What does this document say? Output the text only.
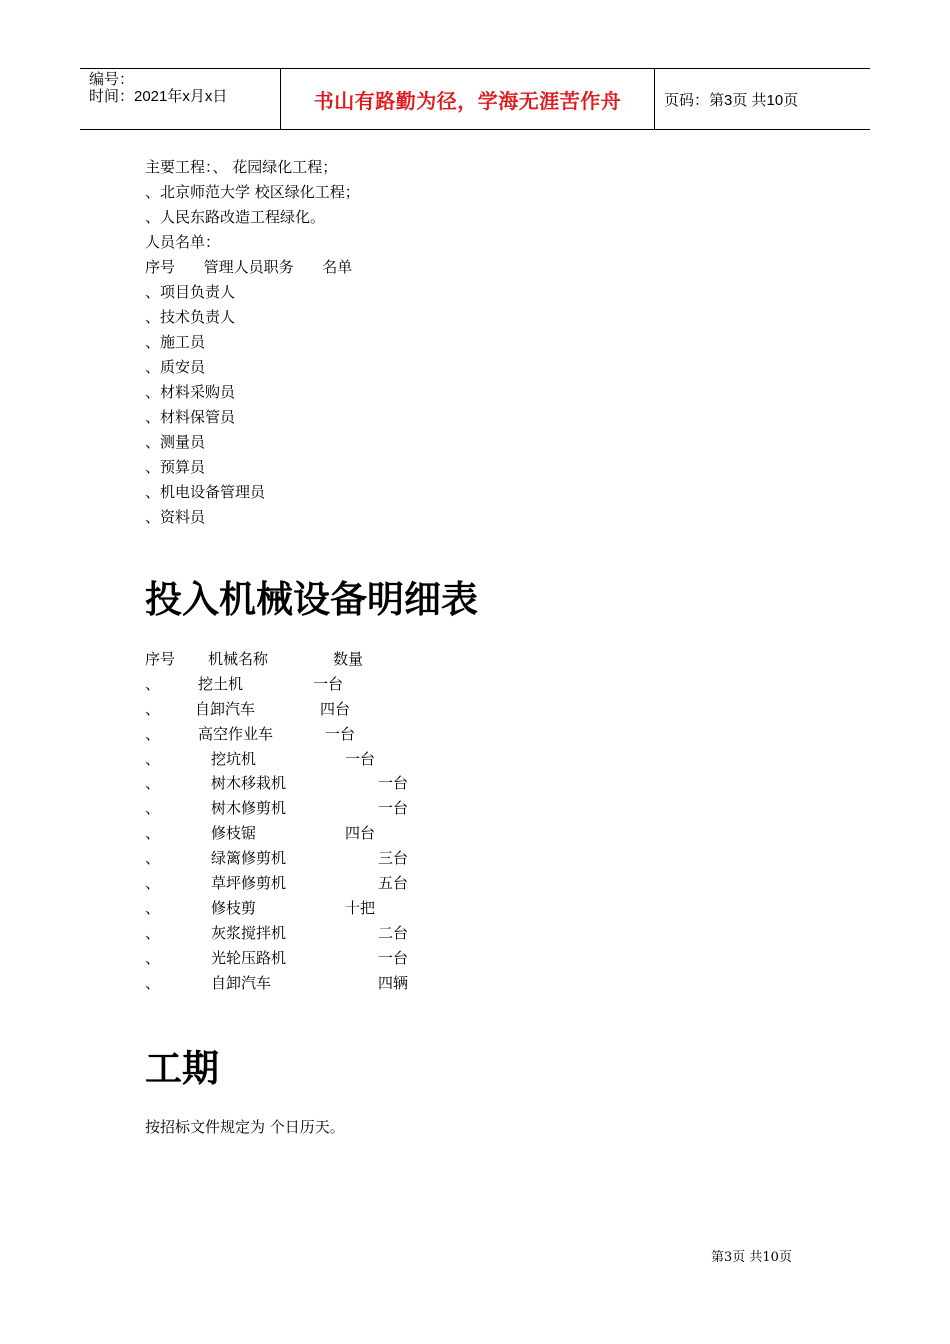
编号：
时间：2021年x月x日	书山有路勤为径，学海无涯苦作舟	页码：第3页 共10页
主要工程：、 花园绿化工程；
、北京师范大学 校区绿化工程；
、人民东路改造工程绿化。
人员名单：
序号      管理人员职务      名单
、项目负责人
、技术负责人
、施工员
、质安员
、材料采购员
、材料保管员
、测量员
、预算员
、机电设备管理员
、资料员
投入机械设备明细表
序号 机械名称	数量
、	挖土机	一台
、 自卸汽车	四台
、	高空作业车	一台
、	挖坑机	一台
、	树木移栽机	一台
、	树木修剪机	一台
、	修枝锯	四台
、	绿篱修剪机	三台
、	草坪修剪机	五台
、	修枝剪	十把
、	灰浆搅拌机	二台
、	光轮压路机	一台
、	自卸汽车	四辆
工期
按招标文件规定为 个日历天。
第3页 共10页
